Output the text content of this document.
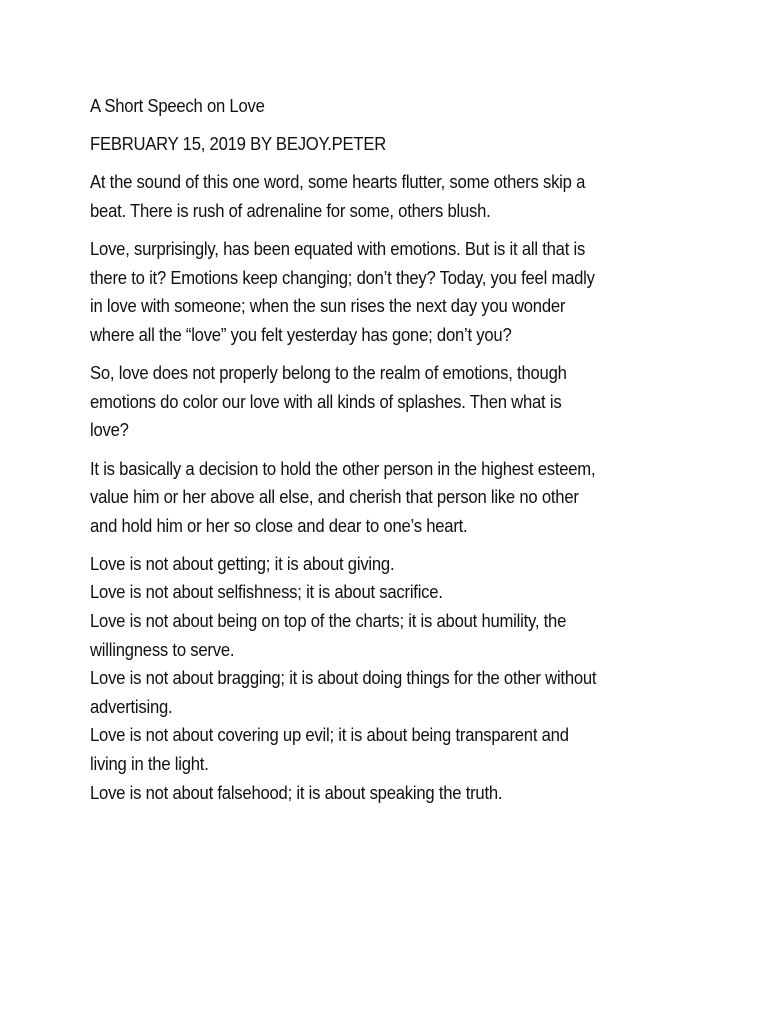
A Short Speech on Love
FEBRUARY 15, 2019 BY BEJOY.PETER
At the sound of this one word, some hearts flutter, some others skip a
beat. There is rush of adrenaline for some, others blush.
Love, surprisingly, has been equated with emotions. But is it all that is
there to it? Emotions keep changing; don’t they? Today, you feel madly
in love with someone; when the sun rises the next day you wonder
where all the “love” you felt yesterday has gone; don’t you?
So, love does not properly belong to the realm of emotions, though
emotions do color our love with all kinds of splashes. Then what is
love?
It is basically a decision to hold the other person in the highest esteem,
value him or her above all else, and cherish that person like no other
and hold him or her so close and dear to one’s heart.
Love is not about getting; it is about giving.
Love is not about selfishness; it is about sacrifice.
Love is not about being on top of the charts; it is about humility, the
willingness to serve.
Love is not about bragging; it is about doing things for the other without
advertising.
Love is not about covering up evil; it is about being transparent and
living in the light.
Love is not about falsehood; it is about speaking the truth.
